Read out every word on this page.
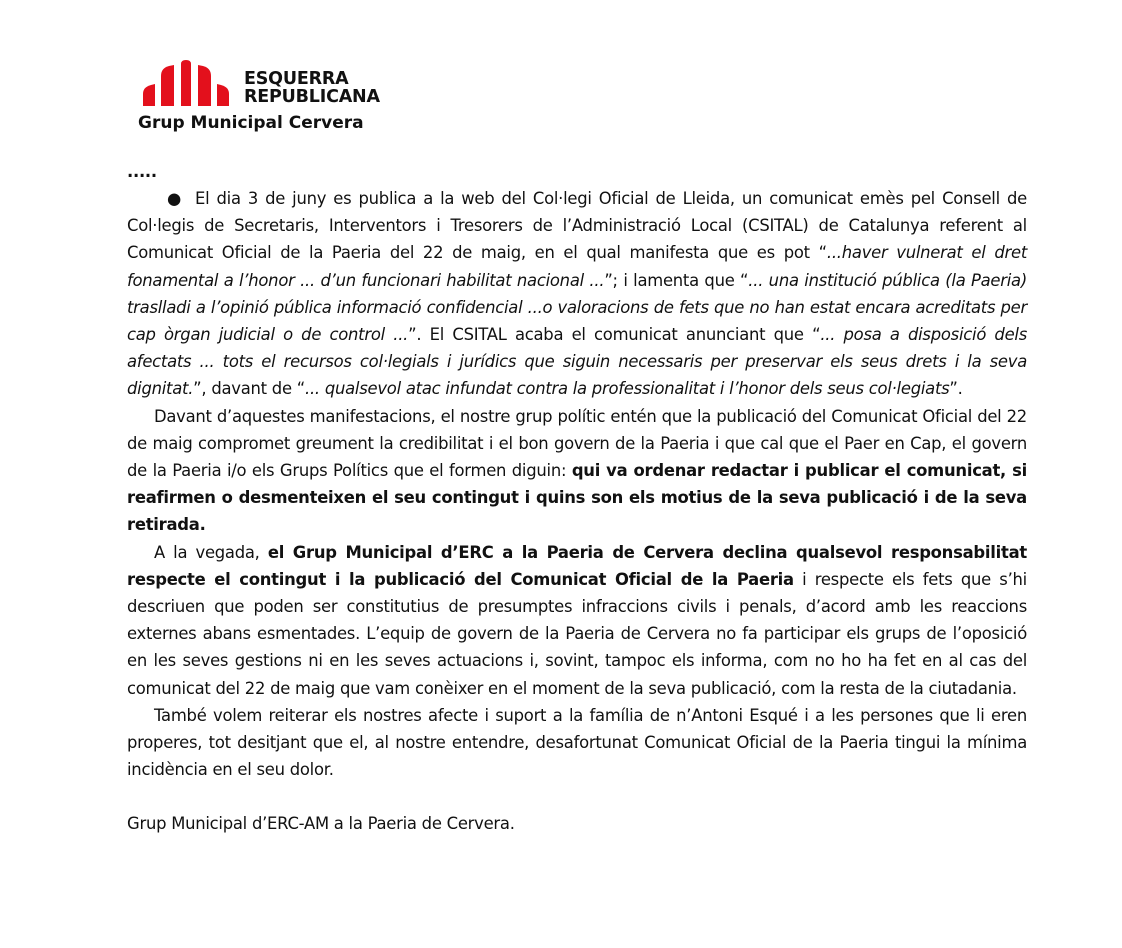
ESQUERRA
REPUBLICANA
Grup Municipal Cervera

.....

● El dia 3 de juny es publica a la web del Col·legi Oficial de Lleida, un comunicat emès pel Consell de Col·legis de Secretaris, Interventors i Tresorers de l’Administració Local (CSITAL) de Catalunya referent al Comunicat Oficial de la Paeria del 22 de maig, en el qual manifesta que es pot “...haver vulnerat el dret fonamental a l’honor ... d’un funcionari habilitat nacional ...”; i lamenta que “... una institució pública (la Paeria) traslladi a l’opinió pública informació confidencial ...o valoracions de fets que no han estat encara acreditats per cap òrgan judicial o de control ...”. El CSITAL acaba el comunicat anunciant que “... posa a disposició dels afectats ... tots el recursos col·legials i jurídics que siguin necessaris per preservar els seus drets i la seva dignitat.”, davant de “... qualsevol atac infundat contra la professionalitat i l’honor dels seus col·legiats”.

Davant d’aquestes manifestacions, el nostre grup polític entén que la publicació del Comunicat Oficial del 22 de maig compromet greument la credibilitat i el bon govern de la Paeria i que cal que el Paer en Cap, el govern de la Paeria i/o els Grups Polítics que el formen diguin: qui va ordenar redactar i publicar el comunicat, si reafirmen o desmenteixen el seu contingut i quins son els motius de la seva publicació i de la seva retirada.

A la vegada, el Grup Municipal d’ERC a la Paeria de Cervera declina qualsevol responsabilitat respecte el contingut i la publicació del Comunicat Oficial de la Paeria i respecte els fets que s’hi descriuen que poden ser constitutius de presumptes infraccions civils i penals, d’acord amb les reaccions externes abans esmentades. L’equip de govern de la Paeria de Cervera no fa participar els grups de l’oposició en les seves gestions ni en les seves actuacions i, sovint, tampoc els informa, com no ho ha fet en al cas del comunicat del 22 de maig que vam conèixer en el moment de la seva publicació, com la resta de la ciutadania.

També volem reiterar els nostres afecte i suport a la família de n’Antoni Esqué i a les persones que li eren properes, tot desitjant que el, al nostre entendre, desafortunat Comunicat Oficial de la Paeria tingui la mínima incidència en el seu dolor.

Grup Municipal d’ERC-AM a la Paeria de Cervera.
